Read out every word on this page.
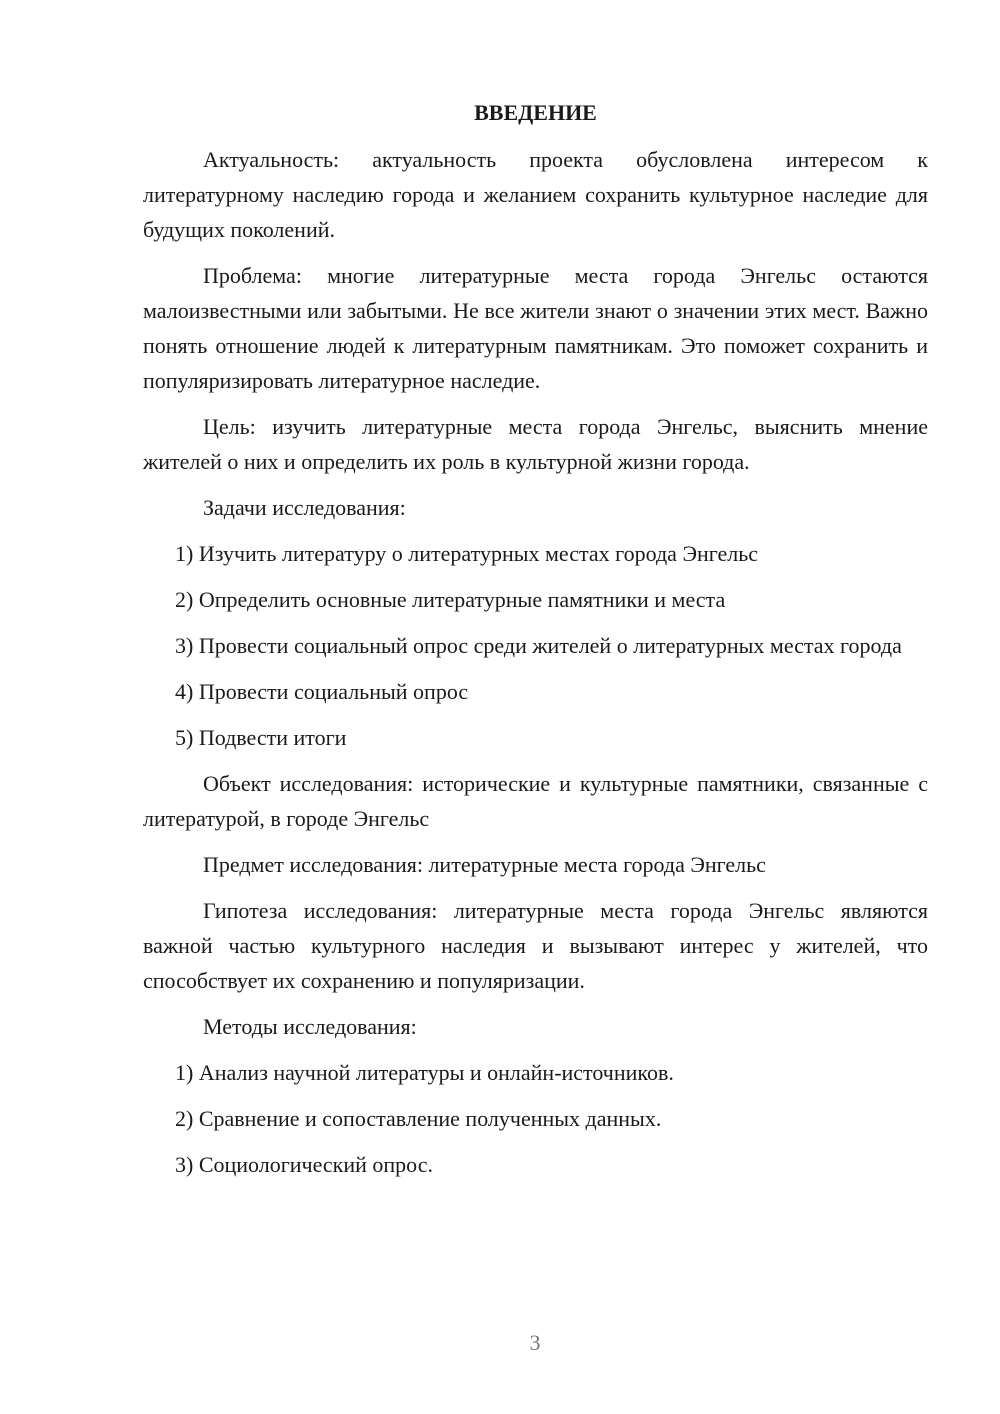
ВВЕДЕНИЕ

Актуальность: актуальность проекта обусловлена интересом к литературному наследию города и желанием сохранить культурное наследие для будущих поколений.

Проблема: многие литературные места города Энгельс остаются малоизвестными или забытыми. Не все жители знают о значении этих мест. Важно понять отношение людей к литературным памятникам. Это поможет сохранить и популяризировать литературное наследие.

Цель: изучить литературные места города Энгельс, выяснить мнение жителей о них и определить их роль в культурной жизни города.

Задачи исследования:

1) Изучить литературу о литературных местах города Энгельс

2) Определить основные литературные памятники и места

3) Провести социальный опрос среди жителей о литературных местах города

4) Провести социальный опрос

5) Подвести итоги

Объект исследования: исторические и культурные памятники, связанные с литературой, в городе Энгельс

Предмет исследования: литературные места города Энгельс

Гипотеза исследования: литературные места города Энгельс являются важной частью культурного наследия и вызывают интерес у жителей, что способствует их сохранению и популяризации.

Методы исследования:

1) Анализ научной литературы и онлайн-источников.

2) Сравнение и сопоставление полученных данных.

3) Социологический опрос.

3
